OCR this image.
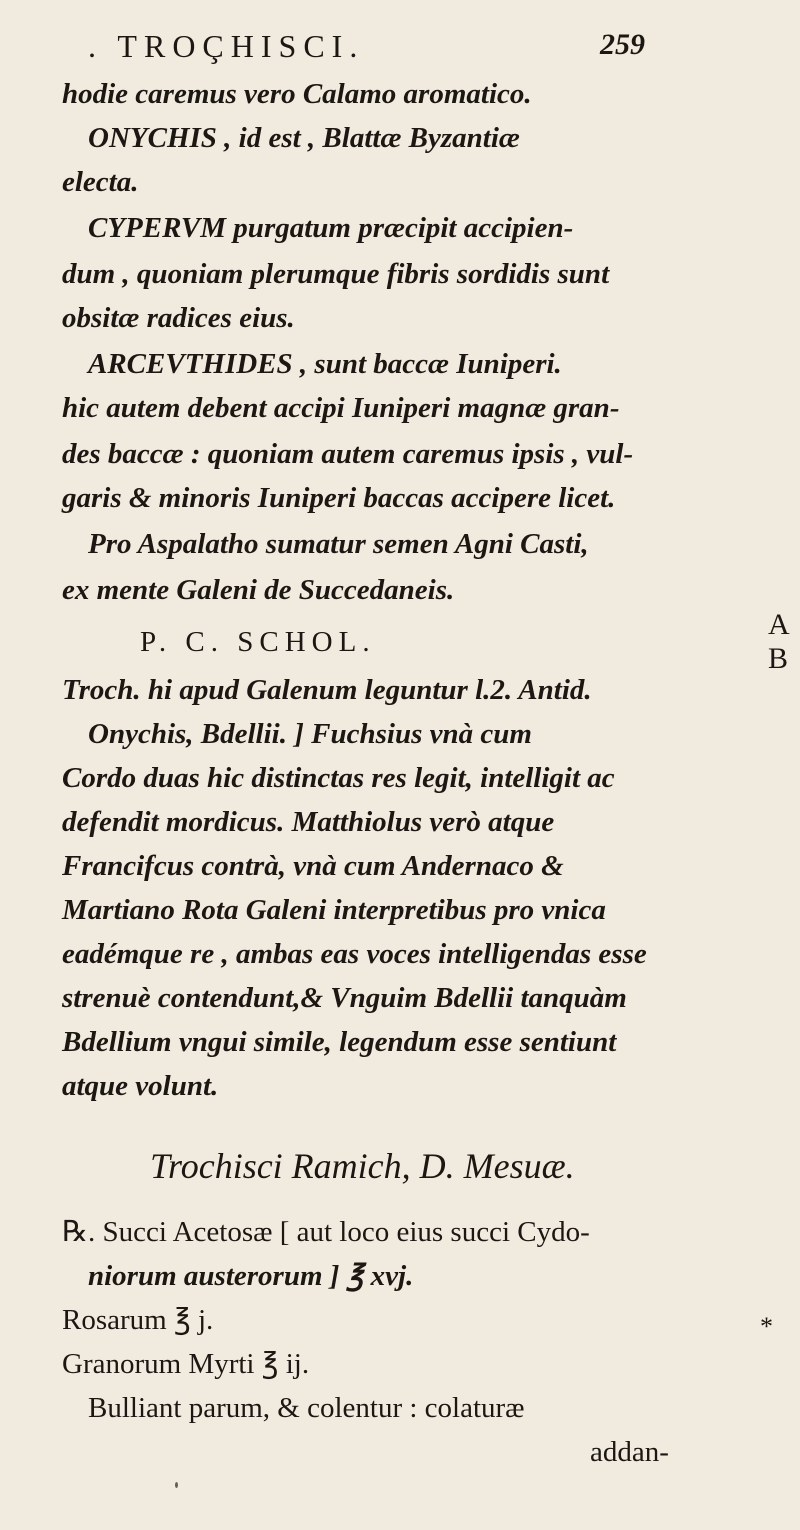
. TROÇHISCI.	259
hodie caremus vero Calamo aromatico.
ONYCHIS , id est , Blattæ Byzantiæ
electa.
CYPERVM purgatum præcipit accipien-
dum , quoniam plerumque fibris sordidis sunt
obsitæ radices eius.
ARCEVTHIDES , sunt baccæ Iuniperi.
hic autem debent accipi Iuniperi magnæ gran-
des baccæ : quoniam autem caremus ipsis , vul-
garis & minoris Iuniperi baccas accipere licet.
Pro Aspalatho sumatur semen Agni Casti,
ex mente Galeni de Succedaneis.
P. C. SCHOL.
Troch. hi apud Galenum leguntur l.2. Antid.
Onychis, Bdellii. ] Fuchsius vnà cum
Cordo duas hic distinctas res legit, intelligit ac
defendit mordicus. Matthiolus verò atque
Francifcus contrà, vnà cum Andernaco &
Martiano Rota Galeni interpretibus pro vnica
eadémque re , ambas eas voces intelligendas esse
strenuè contendunt,& Vnguim Bdellii tanquàm
Bdellium vngui simile, legendum esse sentiunt
atque volunt.
A
B
Trochisci Ramich, D. Mesuæ.
℞. Succi Acetosæ [ aut loco eius succi Cydo-
niorum austerorum ] ℥ xvj.
Rosarum ℥ j.
Granorum Myrti ℥ ij.
Bulliant parum, & colentur : colaturæ
addan-
*
